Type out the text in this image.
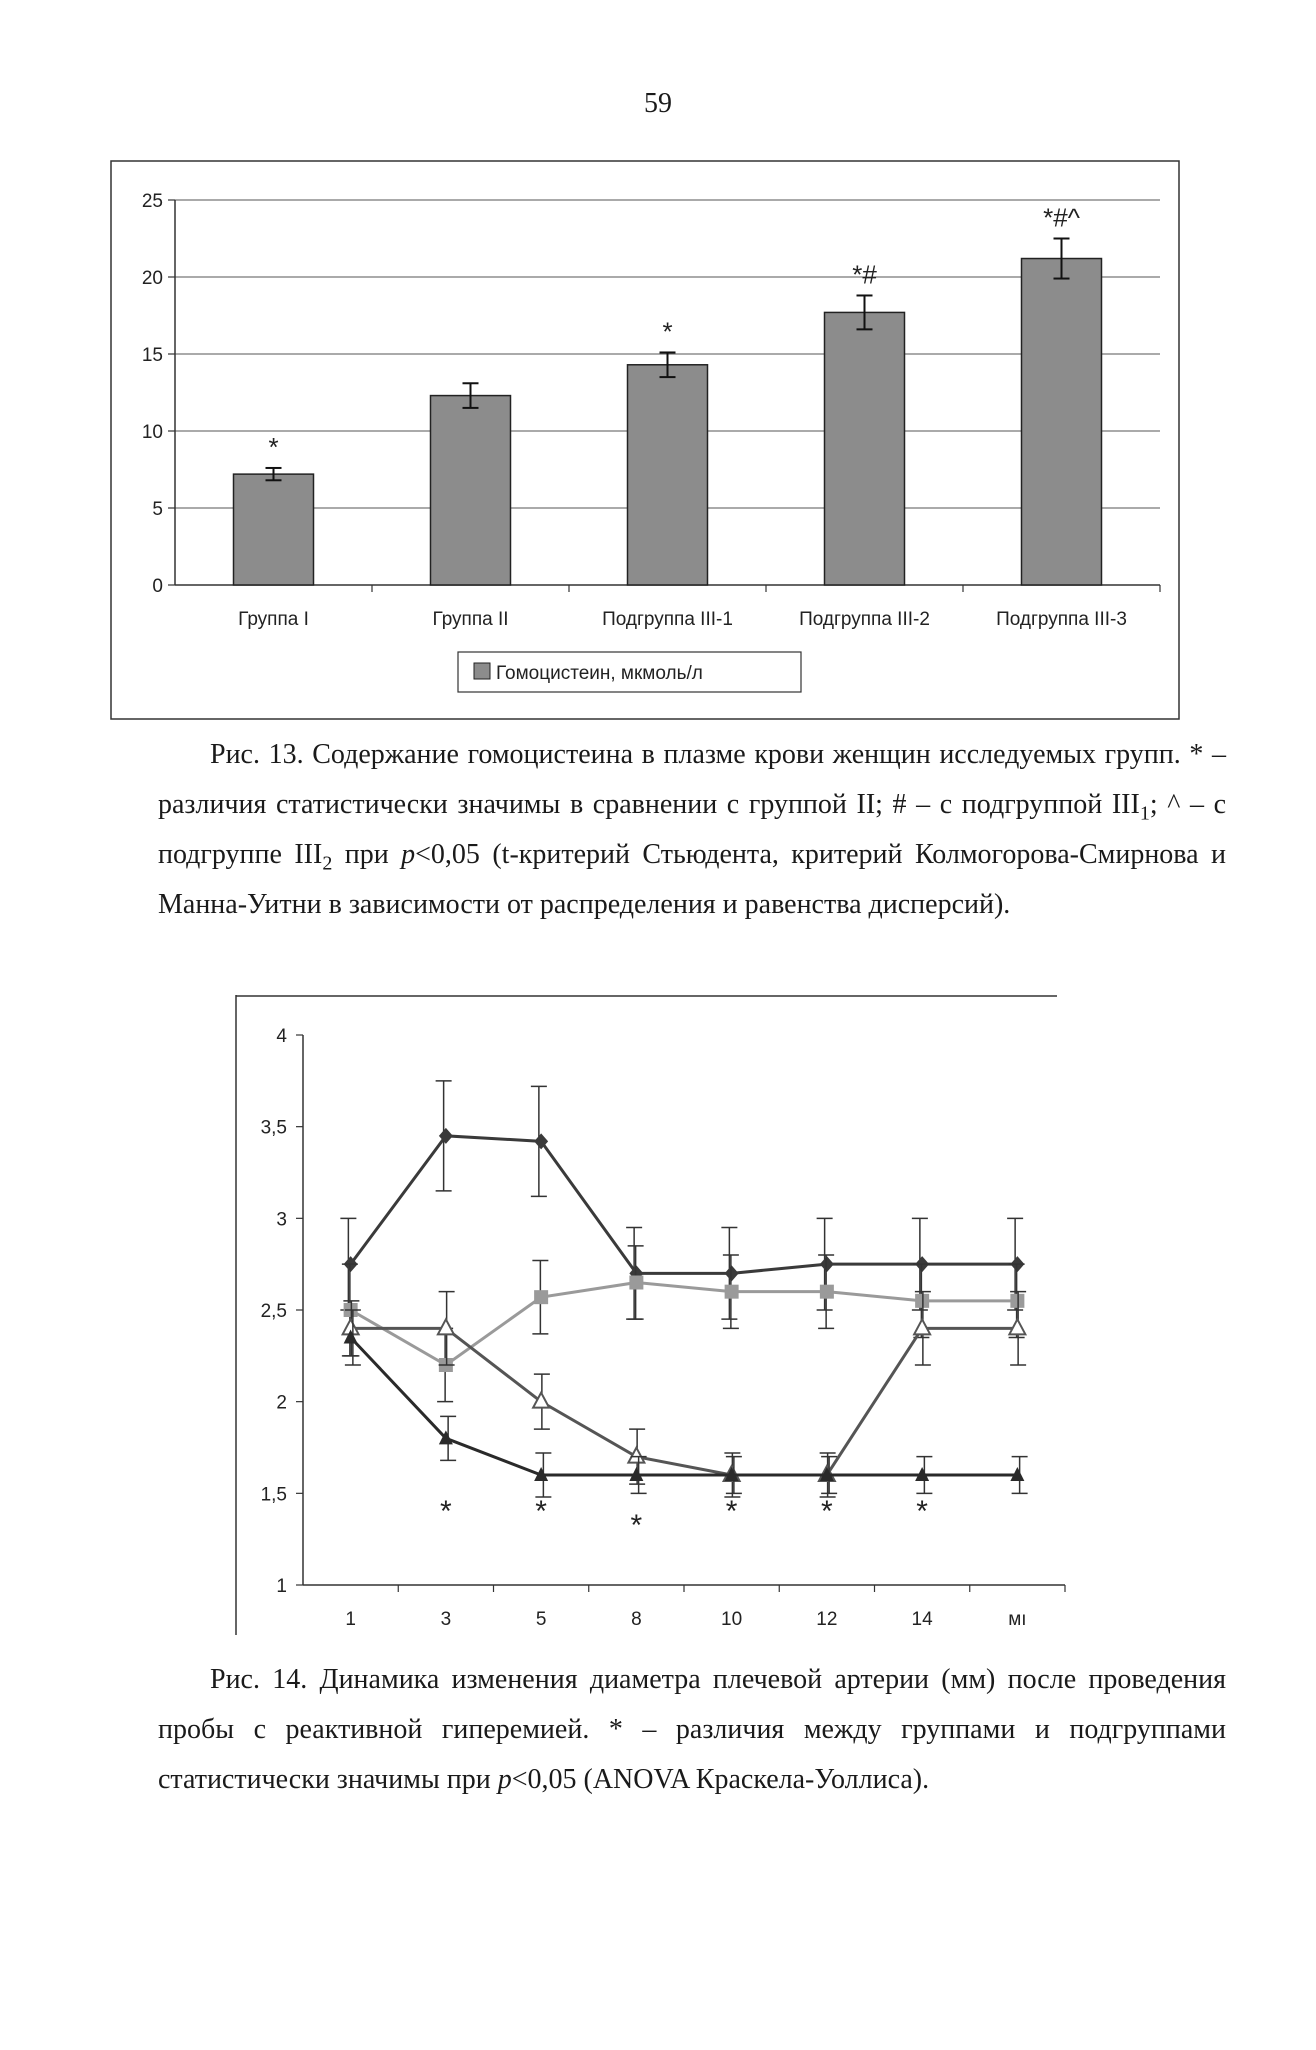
59
0
5
10
15
20
25
*
Группа I	Группа II
*
Подгруппа III-1
*#
Подгруппа III-2
*#^
Подгруппа III-3
Гомоцистеин, мкмоль/л

Рис. 13. Содержание гомоцистеина в плазме крови женщин исследуемых групп. * – различия статистически значимы в сравнении с группой II; # – с подгруппой $III_1$; ^ – с подгруппе $III_2$ при p<0,05 (t-критерий Стьюдента, критерий Колмогорова-Смирнова и Манна-Уитни в зависимости от распределения и равенства дисперсий).

1
1,5
2
2,5
3
3,5
4
1	3	5	8	10	12	14	мı
*	*	*	*	*	*

Рис. 14. Динамика изменения диаметра плечевой артерии (мм) после проведения пробы с реактивной гиперемией. * – различия между группами и подгруппами статистически значимы при p<0,05 (ANOVA Краскела-Уоллиса).
